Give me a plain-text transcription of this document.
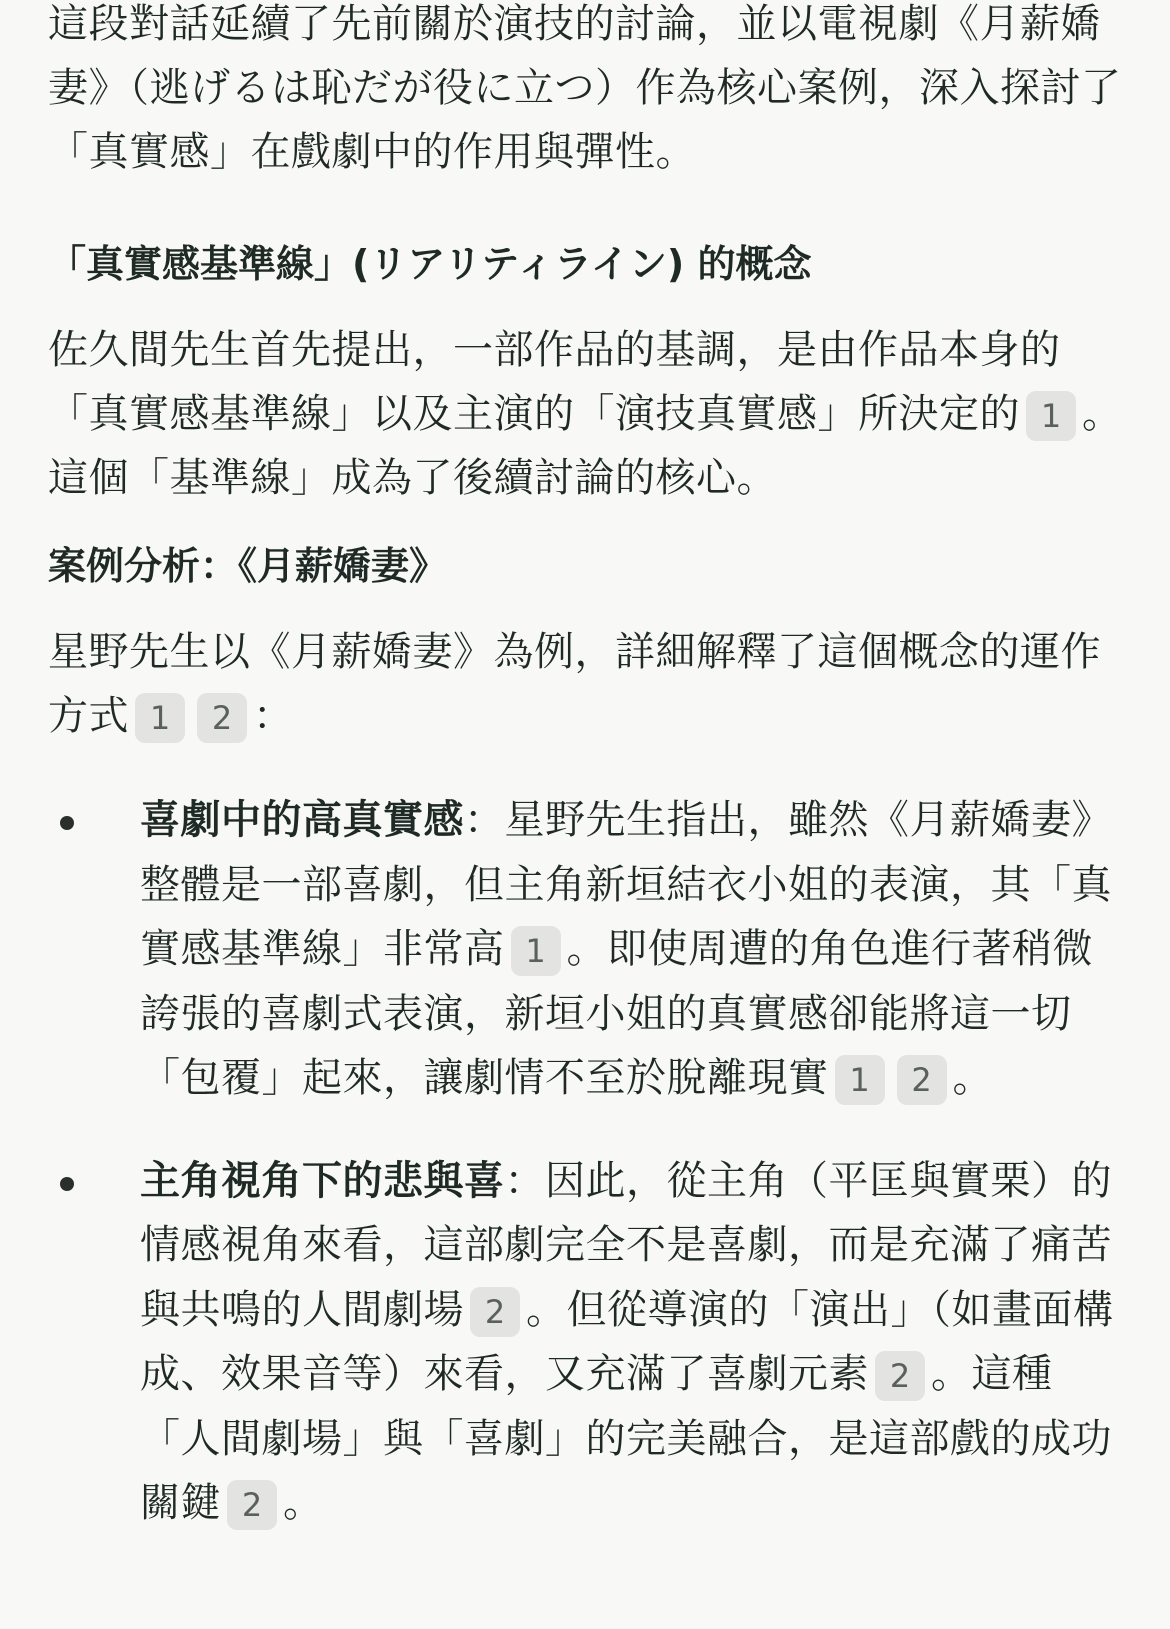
這段對話延續了先前關於演技的討論，並以電視劇《月薪嬌妻》（逃げるは恥だが役に立つ）作為核心案例，深入探討了「真實感」在戲劇中的作用與彈性。

「真實感基準線」(リアリティライン) 的概念

佐久間先生首先提出，一部作品的基調，是由作品本身的「真實感基準線」以及主演的「演技真實感」所決定的 1 。這個「基準線」成為了後續討論的核心。

案例分析：《月薪嬌妻》

星野先生以《月薪嬌妻》為例，詳細解釋了這個概念的運作方式 1 2 ：

喜劇中的高真實感：星野先生指出，雖然《月薪嬌妻》整體是一部喜劇，但主角新垣結衣小姐的表演，其「真實感基準線」非常高 1 。即使周遭的角色進行著稍微誇張的喜劇式表演，新垣小姐的真實感卻能將這一切「包覆」起來，讓劇情不至於脫離現實 1 2 。
主角視角下的悲與喜：因此，從主角（平匡與實栗）的情感視角來看，這部劇完全不是喜劇，而是充滿了痛苦與共鳴的人間劇場 2 。但從導演的「演出」（如畫面構成、效果音等）來看，又充滿了喜劇元素 2 。這種「人間劇場」與「喜劇」的完美融合，是這部戲的成功關鍵 2 。
